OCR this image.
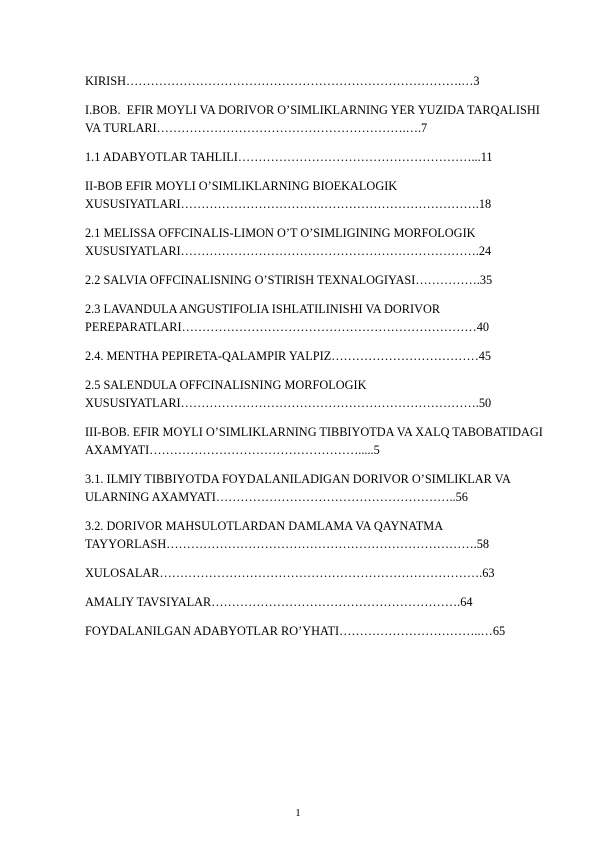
KIRISH……………………………………………………………………….…3
I.BOB.  EFIR MOYLI VA DORIVOR O’SIMLIKLARNING YER YUZIDA TARQALISHI VA TURLARI…………………………………………………….….7
1.1 ADABYOTLAR TAHLILI…………………………………………………...11
II-BOB EFIR MOYLI O’SIMLIKLARNING BIOEKALOGIK XUSUSIYATLARI……………………………………………………………….18
2.1 MELISSA OFFCINALIS-LIMON O’T O’SIMLIGINING MORFOLOGIK XUSUSIYATLARI……………………………………………………………….24
2.2 SALVIA OFFCINALISNING O’STIRISH TEXNALOGIYASI…………….35
2.3 LAVANDULA ANGUSTIFOLIA ISHLATILINISHI VA DORIVOR PEREPARATLARI………………………………………………………………40
2.4. MENTHA PEPIRETA-QALAMPIR YALPIZ………………………………45
2.5 SALENDULA OFFCINALISNING MORFOLOGIK XUSUSIYATLARI……………………………………………………………….50
III-BOB. EFIR MOYLI O’SIMLIKLARNING TIBBIYOTDA VA XALQ TABOBATIDAGI AXAMYATI…………………………………………….....5
3.1. ILMIY TIBBIYOTDA FOYDALANILADIGAN DORIVOR O’SIMLIKLAR VA ULARNING AXAMYATI…………………………………………………..56
3.2. DORIVOR MAHSULOTLARDAN DAMLAMA VA QAYNATMA TAYYORLASH………………………………………………………………….58
XULOSALAR…………………………………………………………………….63
AMALIY TAVSIYALAR…………………………………………………….64
FOYDALANILGAN ADABYOTLAR RO’YHATI……………………………..…65
1
